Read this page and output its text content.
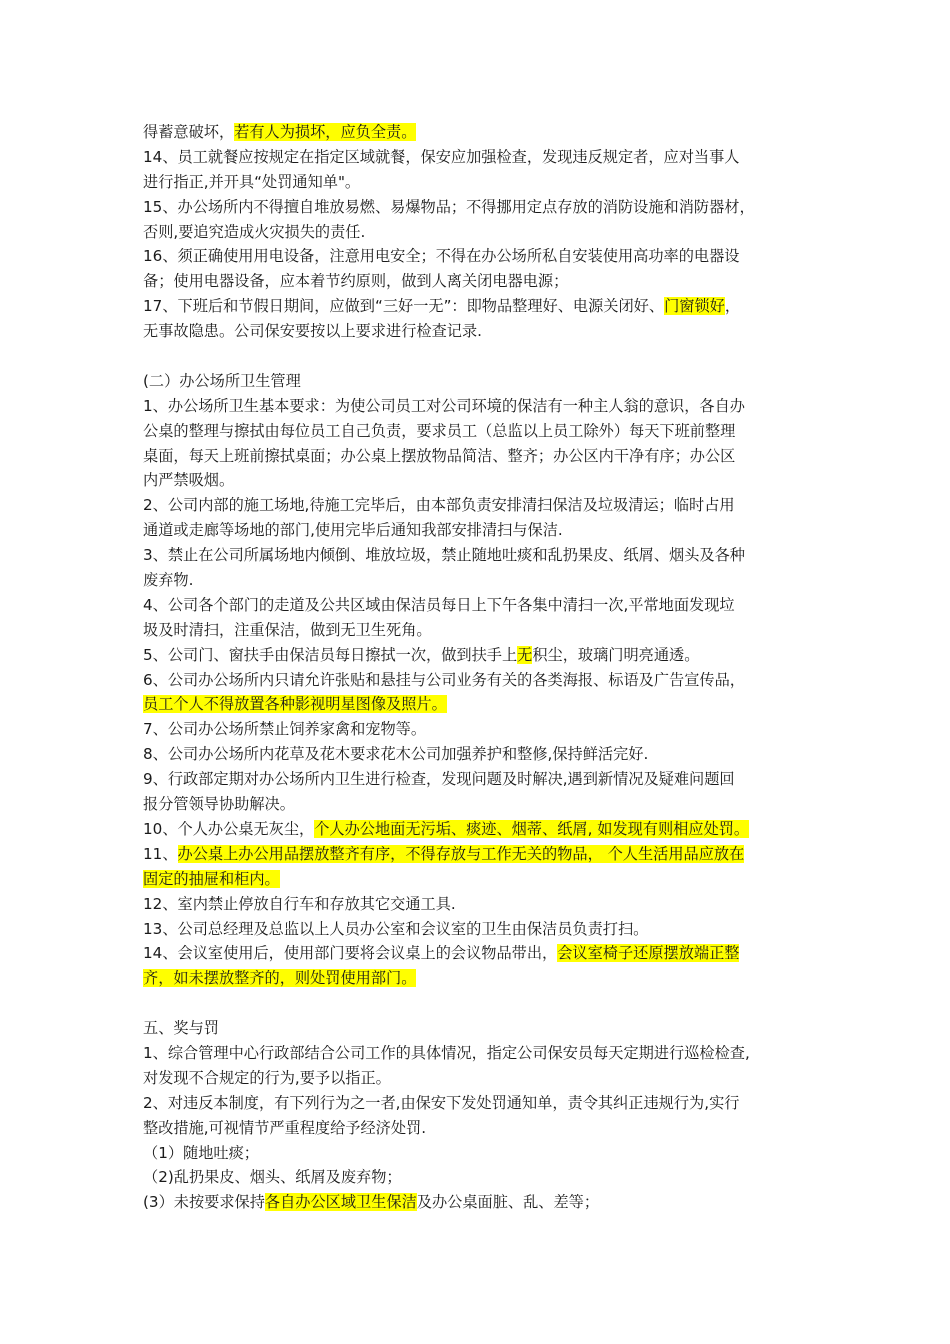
得蓄意破坏，若有人为损坏，应负全责。
14、员工就餐应按规定在指定区域就餐，保安应加强检查，发现违反规定者，应对当事人
进行指正,并开具“处罚通知单"。
15、办公场所内不得擅自堆放易燃、易爆物品；不得挪用定点存放的消防设施和消防器材，
否则,要追究造成火灾损失的责任.
16、须正确使用用电设备，注意用电安全；不得在办公场所私自安装使用高功率的电器设
备；使用电器设备，应本着节约原则，做到人离关闭电器电源；
17、下班后和节假日期间，应做到“三好一无”：即物品整理好、电源关闭好、门窗锁好，
无事故隐患。公司保安要按以上要求进行检查记录.
(二）办公场所卫生管理
1、办公场所卫生基本要求：为使公司员工对公司环境的保洁有一种主人翁的意识，各自办
公桌的整理与擦拭由每位员工自己负责，要求员工（总监以上员工除外）每天下班前整理
桌面，每天上班前擦拭桌面；办公桌上摆放物品简洁、整齐；办公区内干净有序；办公区
内严禁吸烟。
2、公司内部的施工场地,待施工完毕后，由本部负责安排清扫保洁及垃圾清运；临时占用
通道或走廊等场地的部门,使用完毕后通知我部安排清扫与保洁.
3、禁止在公司所属场地内倾倒、堆放垃圾，禁止随地吐痰和乱扔果皮、纸屑、烟头及各种
废弃物.
4、公司各个部门的走道及公共区域由保洁员每日上下午各集中清扫一次,平常地面发现垃
圾及时清扫，注重保洁，做到无卫生死角。
5、公司门、窗扶手由保洁员每日擦拭一次，做到扶手上无积尘，玻璃门明亮通透。
6、公司办公场所内只请允许张贴和悬挂与公司业务有关的各类海报、标语及广告宣传品，
员工个人不得放置各种影视明星图像及照片。
7、公司办公场所禁止饲养家禽和宠物等。
8、公司办公场所内花草及花木要求花木公司加强养护和整修,保持鲜活完好.
9、行政部定期对办公场所内卫生进行检查，发现问题及时解决,遇到新情况及疑难问题回
报分管领导协助解决。
10、个人办公桌无灰尘，个人办公地面无污垢、痰迹、烟蒂、纸屑, 如发现有则相应处罚。
11、办公桌上办公用品摆放整齐有序，不得存放与工作无关的物品， 个人生活用品应放在
固定的抽屉和柜内。
12、室内禁止停放自行车和存放其它交通工具.
13、公司总经理及总监以上人员办公室和会议室的卫生由保洁员负责打扫。
14、会议室使用后，使用部门要将会议桌上的会议物品带出，会议室椅子还原摆放端正整
齐，如未摆放整齐的，则处罚使用部门。
五、奖与罚
1、综合管理中心行政部结合公司工作的具体情况，指定公司保安员每天定期进行巡检检查,
对发现不合规定的行为,要予以指正。
2、对违反本制度，有下列行为之一者,由保安下发处罚通知单，责令其纠正违规行为,实行
整改措施,可视情节严重程度给予经济处罚.
（1）随地吐痰；
（2)乱扔果皮、烟头、纸屑及废弃物；
(3）未按要求保持各自办公区域卫生保洁及办公桌面脏、乱、差等；
